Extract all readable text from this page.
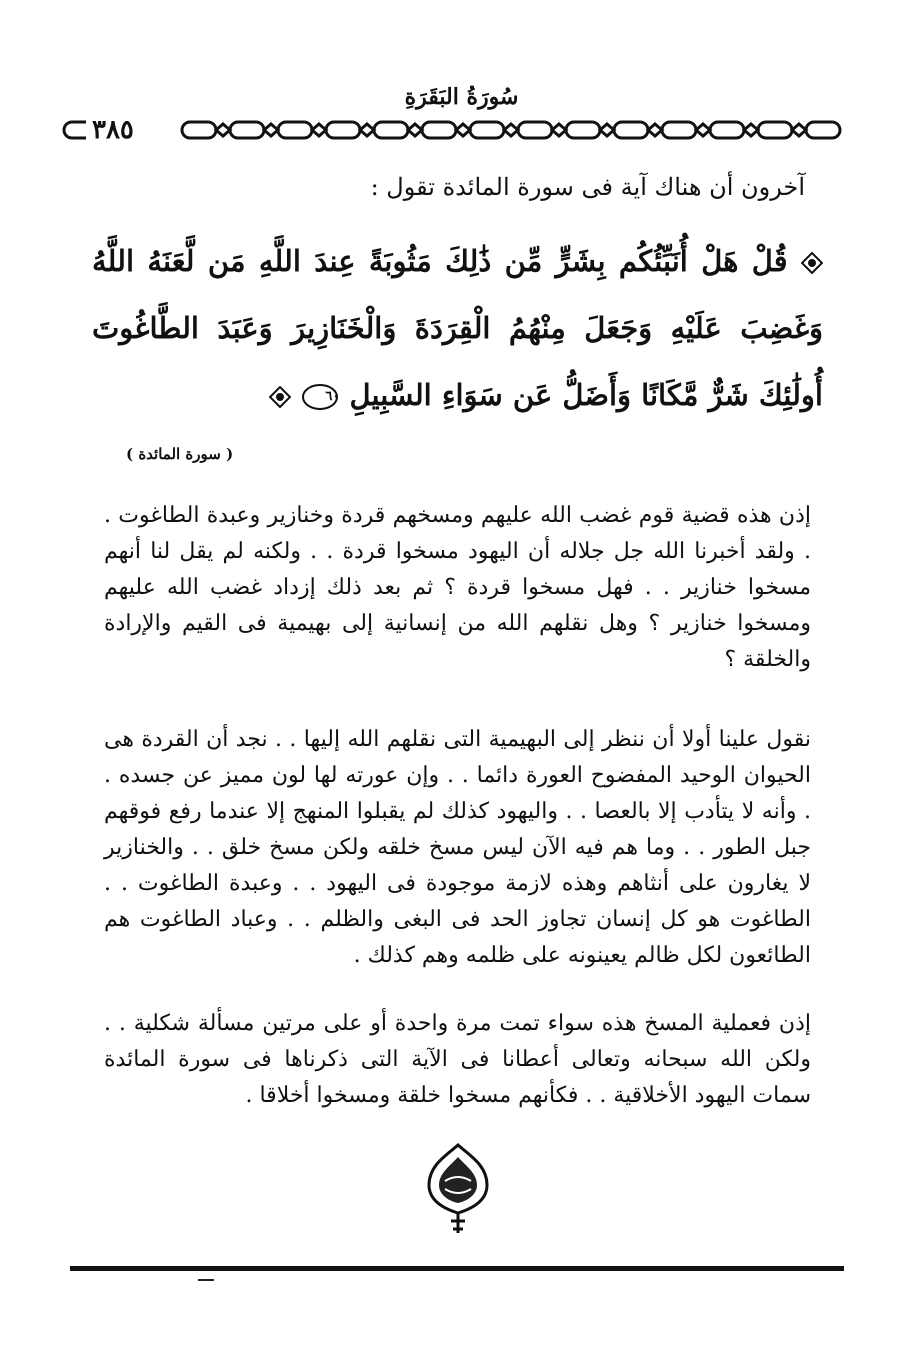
سُورَةُ البَقَرَةِ
٣٨٥
آخرون أن هناك آية فى سورة المائدة تقول :
قُلْ هَلْ أُنَبِّئُكُم بِشَرٍّ مِّن ذَٰلِكَ مَثُوبَةً عِندَ اللَّهِ مَن لَّعَنَهُ اللَّهُ وَغَضِبَ عَلَيْهِ وَجَعَلَ مِنْهُمُ الْقِرَدَةَ وَالْخَنَازِيرَ وَعَبَدَ الطَّاغُوتَ أُولَٰئِكَ شَرٌّ مَّكَانًا وَأَضَلُّ عَن سَوَاءِ السَّبِيلِ
٦٠

( سورة المائدة )
إذن هذه قضية قوم غضب الله عليهم ومسخهم قردة وخنازير وعبدة الطاغوت . . ولقد أخبرنا الله جل جلاله أن اليهود مسخوا قردة . . ولكنه لم يقل لنا أنهم مسخوا خنازير . . فهل مسخوا قردة ؟ ثم بعد ذلك إزداد غضب الله عليهم ومسخوا خنازير ؟ وهل نقلهم الله من إنسانية إلى بهيمية فى القيم والإرادة والخلقة ؟
نقول علينا أولا أن ننظر إلى البهيمية التى نقلهم الله إليها . . نجد أن القردة هى الحيوان الوحيد المفضوح العورة دائما . . وإن عورته لها لون مميز عن جسده . . وأنه لا يتأدب إلا بالعصا . . واليهود كذلك لم يقبلوا المنهج إلا عندما رفع فوقهم جبل الطور . . وما هم فيه الآن ليس مسخ خلقه ولكن مسخ خلق . . والخنازير لا يغارون على أنثاهم وهذه لازمة موجودة فى اليهود . . وعبدة الطاغوت . . الطاغوت هو كل إنسان تجاوز الحد فى البغى والظلم . . وعباد الطاغوت هم الطائعون لكل ظالم يعينونه على ظلمه وهم كذلك .
إذن فعملية المسخ هذه سواء تمت مرة واحدة أو على مرتين مسألة شكلية . . ولكن الله سبحانه وتعالى أعطانا فى الآية التى ذكرناها فى سورة المائدة سمات اليهود الأخلاقية . . فكأنهم مسخوا خلقة ومسخوا أخلاقا .
